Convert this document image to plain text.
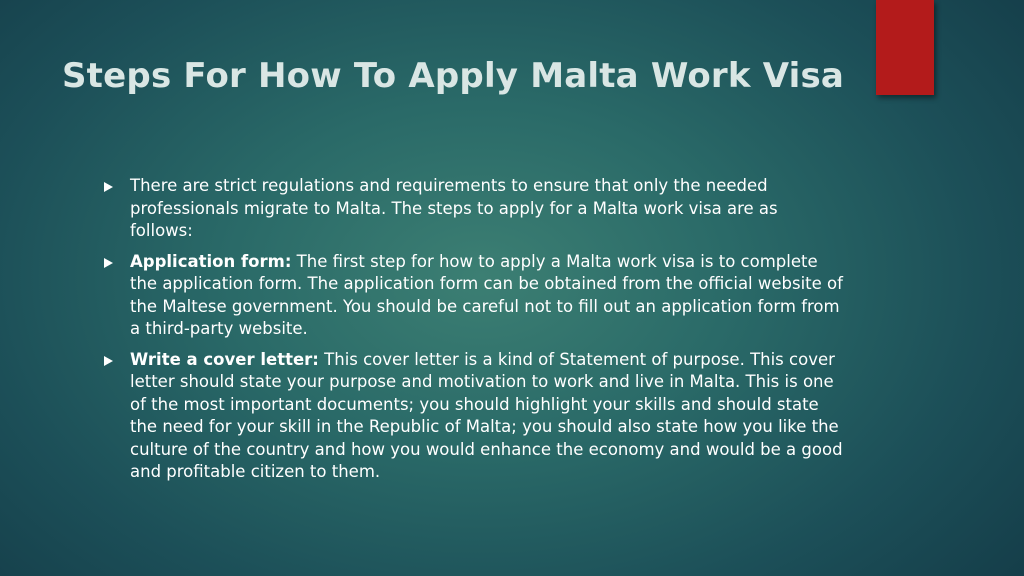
Steps For How To Apply Malta Work Visa
There are strict regulations and requirements to ensure that only the needed professionals migrate to Malta. The steps to apply for a Malta work visa are as follows:
Application form: The first step for how to apply a Malta work visa is to complete the application form. The application form can be obtained from the official website of the Maltese government. You should be careful not to fill out an application form from a third-party website.
Write a cover letter: This cover letter is a kind of Statement of purpose. This cover letter should state your purpose and motivation to work and live in Malta. This is one of the most important documents; you should highlight your skills and should state the need for your skill in the Republic of Malta; you should also state how you like the culture of the country and how you would enhance the economy and would be a good and profitable citizen to them.
